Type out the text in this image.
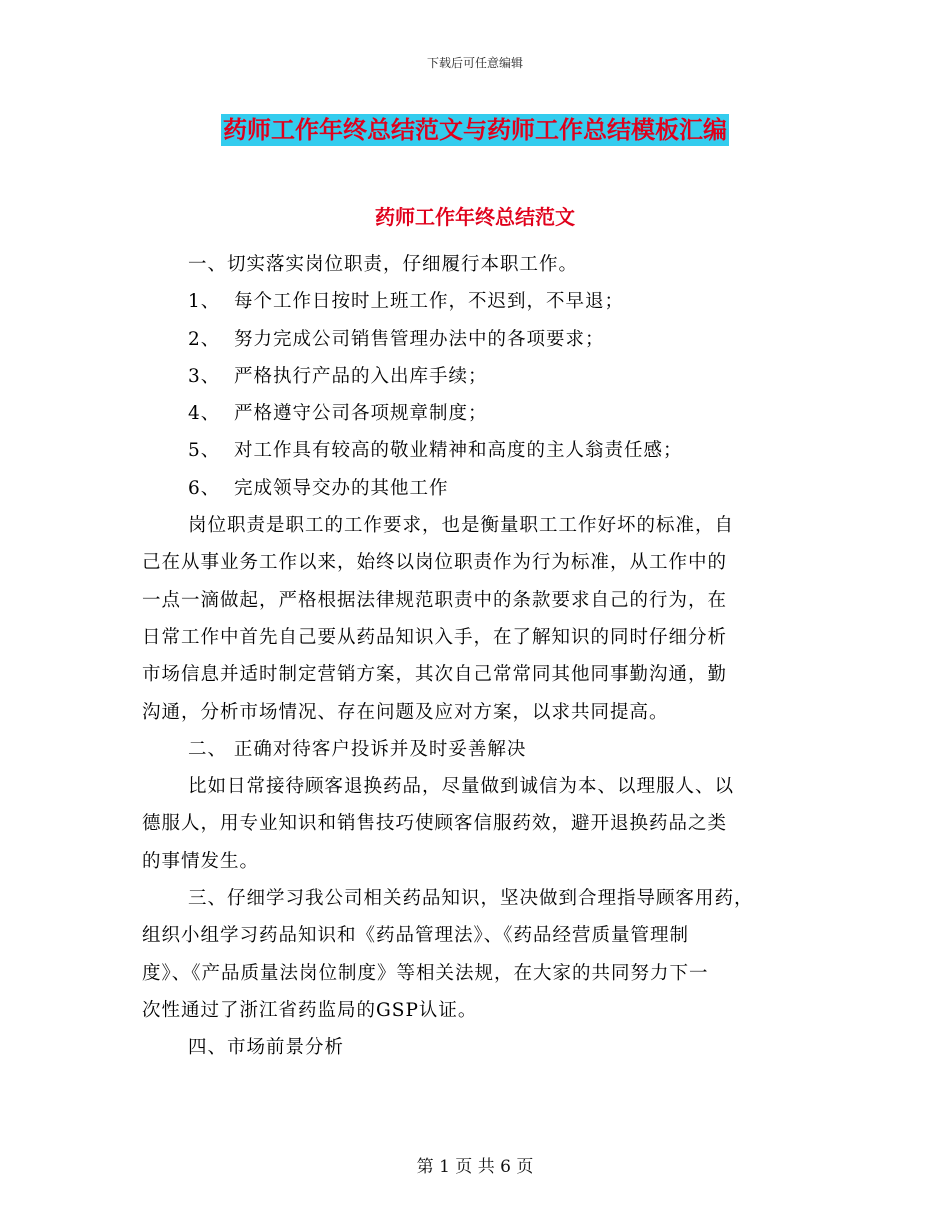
下载后可任意编辑
药师工作年终总结范文与药师工作总结模板汇编
药师工作年终总结范文
一、切实落实岗位职责，仔细履行本职工作。
1、 每个工作日按时上班工作，不迟到，不早退；
2、 努力完成公司销售管理办法中的各项要求；
3、 严格执行产品的入出库手续；
4、 严格遵守公司各项规章制度；
5、 对工作具有较高的敬业精神和高度的主人翁责任感；
6、 完成领导交办的其他工作
岗位职责是职工的工作要求，也是衡量职工工作好坏的标准，自
己在从事业务工作以来，始终以岗位职责作为行为标准，从工作中的
一点一滴做起，严格根据法律规范职责中的条款要求自己的行为，在
日常工作中首先自己要从药品知识入手，在了解知识的同时仔细分析
市场信息并适时制定营销方案，其次自己常常同其他同事勤沟通，勤
沟通，分析市场情况、存在问题及应对方案，以求共同提高。
二、 正确对待客户投诉并及时妥善解决
比如日常接待顾客退换药品，尽量做到诚信为本、以理服人、以
德服人，用专业知识和销售技巧使顾客信服药效，避开退换药品之类
的事情发生。
三、仔细学习我公司相关药品知识，坚决做到合理指导顾客用药，
组织小组学习药品知识和《药品管理法》、《药品经营质量管理制
度》、《产品质量法岗位制度》等相关法规，在大家的共同努力下一
次性通过了浙江省药监局的GSP认证。
四、市场前景分析
第 1 页 共 6 页
